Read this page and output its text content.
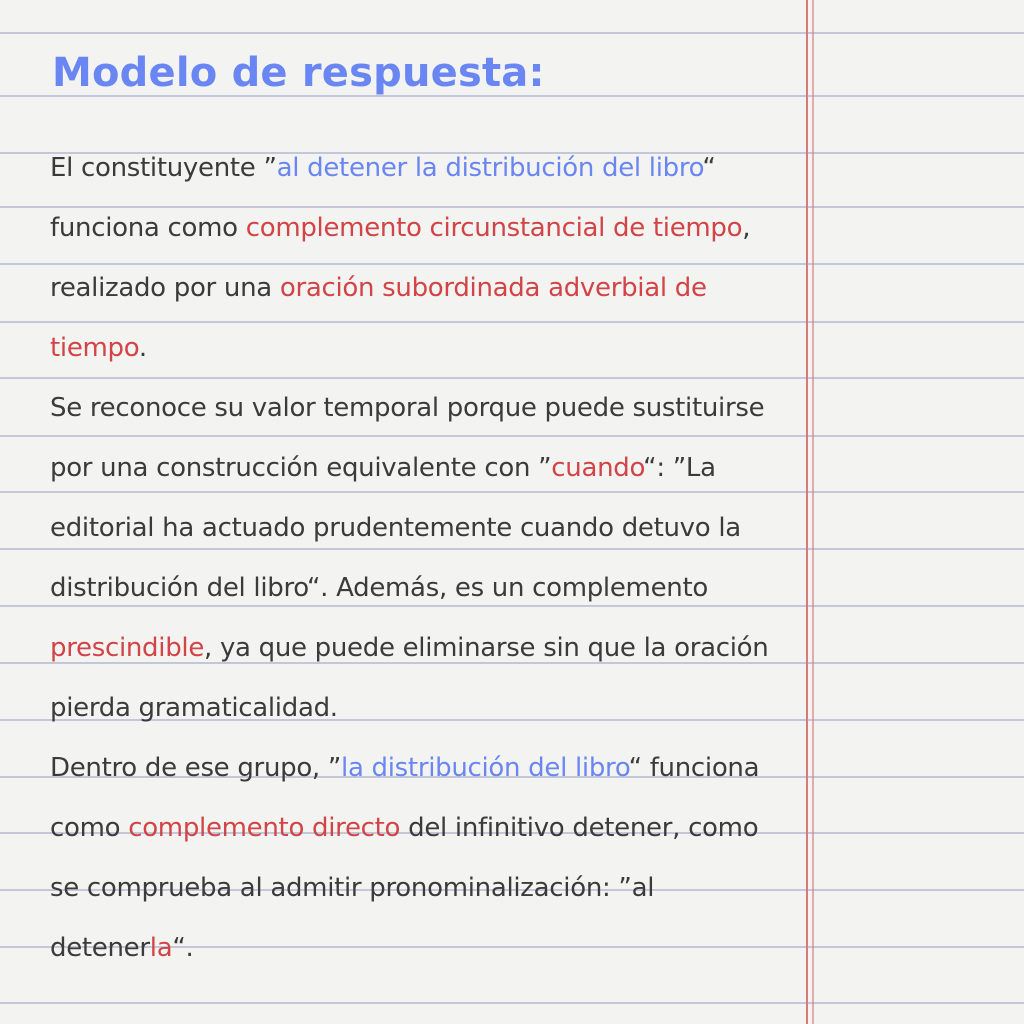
Modelo de respuesta:

El constituyente ”al detener la distribución del libro“

funciona como complemento circunstancial de tiempo,

realizado por una oración subordinada adverbial de

tiempo.

Se reconoce su valor temporal porque puede sustituirse

por una construcción equivalente con ”cuando“: ”La

editorial ha actuado prudentemente cuando detuvo la

distribución del libro“. Además, es un complemento

prescindible, ya que puede eliminarse sin que la oración

pierda gramaticalidad.

Dentro de ese grupo, ”la distribución del libro“ funciona

como complemento directo del infinitivo detener, como

se comprueba al admitir pronominalización: ”al

detenerla“.
